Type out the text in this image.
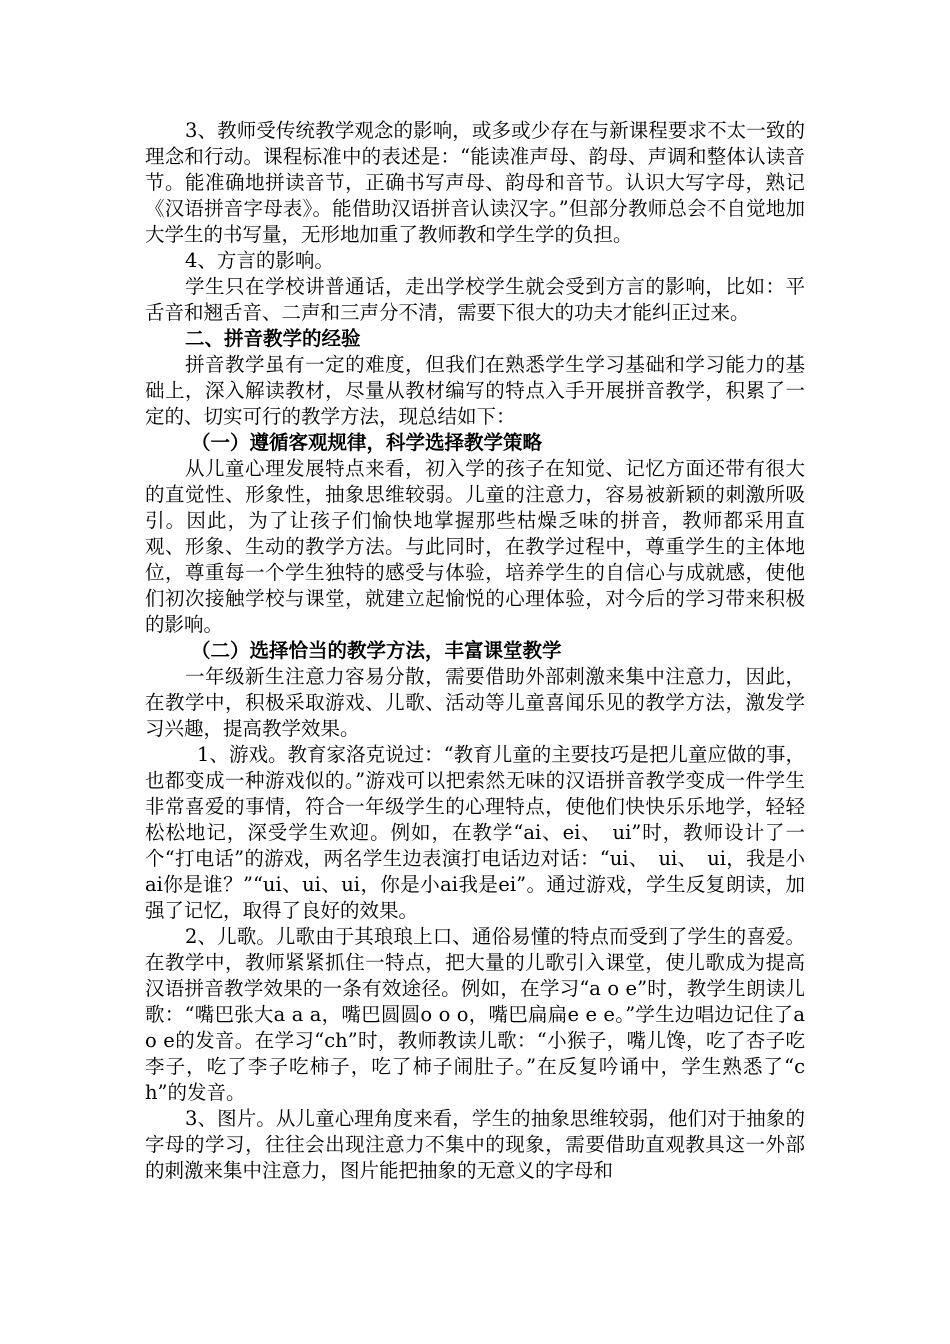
3、教师受传统教学观念的影响，或多或少存在与新课程要求不太一致的理念和行动。课程标准中的表述是：“能读准声母、韵母、声调和整体认读音节。能准确地拼读音节，正确书写声母、韵母和音节。认识大写字母，熟记《汉语拼音字母表》。能借助汉语拼音认读汉字。”但部分教师总会不自觉地加大学生的书写量，无形地加重了教师教和学生学的负担。

4、方言的影响。

学生只在学校讲普通话，走出学校学生就会受到方言的影响，比如：平舌音和翘舌音、二声和三声分不清，需要下很大的功夫才能纠正过来。

二、拼音教学的经验

拼音教学虽有一定的难度，但我们在熟悉学生学习基础和学习能力的基础上，深入解读教材，尽量从教材编写的特点入手开展拼音教学，积累了一定的、切实可行的教学方法，现总结如下：

（一）遵循客观规律，科学选择教学策略

从儿童心理发展特点来看，初入学的孩子在知觉、记忆方面还带有很大的直觉性、形象性，抽象思维较弱。儿童的注意力，容易被新颖的刺激所吸引。因此，为了让孩子们愉快地掌握那些枯燥乏味的拼音，教师都采用直观、形象、生动的教学方法。与此同时，在教学过程中，尊重学生的主体地位，尊重每一个学生独特的感受与体验，培养学生的自信心与成就感，使他们初次接触学校与课堂，就建立起愉悦的心理体验，对今后的学习带来积极的影响。

（二）选择恰当的教学方法，丰富课堂教学

一年级新生注意力容易分散，需要借助外部刺激来集中注意力，因此，在教学中，积极采取游戏、儿歌、活动等儿童喜闻乐见的教学方法，激发学习兴趣，提高教学效果。

1、游戏。教育家洛克说过：“教育儿童的主要技巧是把儿童应做的事，也都变成一种游戏似的。”游戏可以把索然无味的汉语拼音教学变成一件学生非常喜爱的事情，符合一年级学生的心理特点，使他们快快乐乐地学，轻轻松松地记，深受学生欢迎。例如，在教学“ai、ei、　ui”时，教师设计了一个“打电话”的游戏，两名学生边表演打电话边对话：“ui、　ui、　ui，我是小ai你是谁？”“ui、ui、ui，你是小ai我是ei”。通过游戏，学生反复朗读，加强了记忆，取得了良好的效果。

2、儿歌。儿歌由于其琅琅上口、通俗易懂的特点而受到了学生的喜爱。在教学中，教师紧紧抓住一特点，把大量的儿歌引入课堂，使儿歌成为提高汉语拼音教学效果的一条有效途径。例如，在学习“a o e”时，教学生朗读儿歌：“嘴巴张大a a a，嘴巴圆圆o o o，嘴巴扁扁e e e。”学生边唱边记住了a o e的发音。在学习“ch”时，教师教读儿歌：“小猴子，嘴儿馋，吃了杏子吃李子，吃了李子吃柿子，吃了柿子闹肚子。”在反复吟诵中，学生熟悉了“ch”的发音。

3、图片。从儿童心理角度来看，学生的抽象思维较弱，他们对于抽象的字母的学习，往往会出现注意力不集中的现象，需要借助直观教具这一外部的刺激来集中注意力，图片能把抽象的无意义的字母和
